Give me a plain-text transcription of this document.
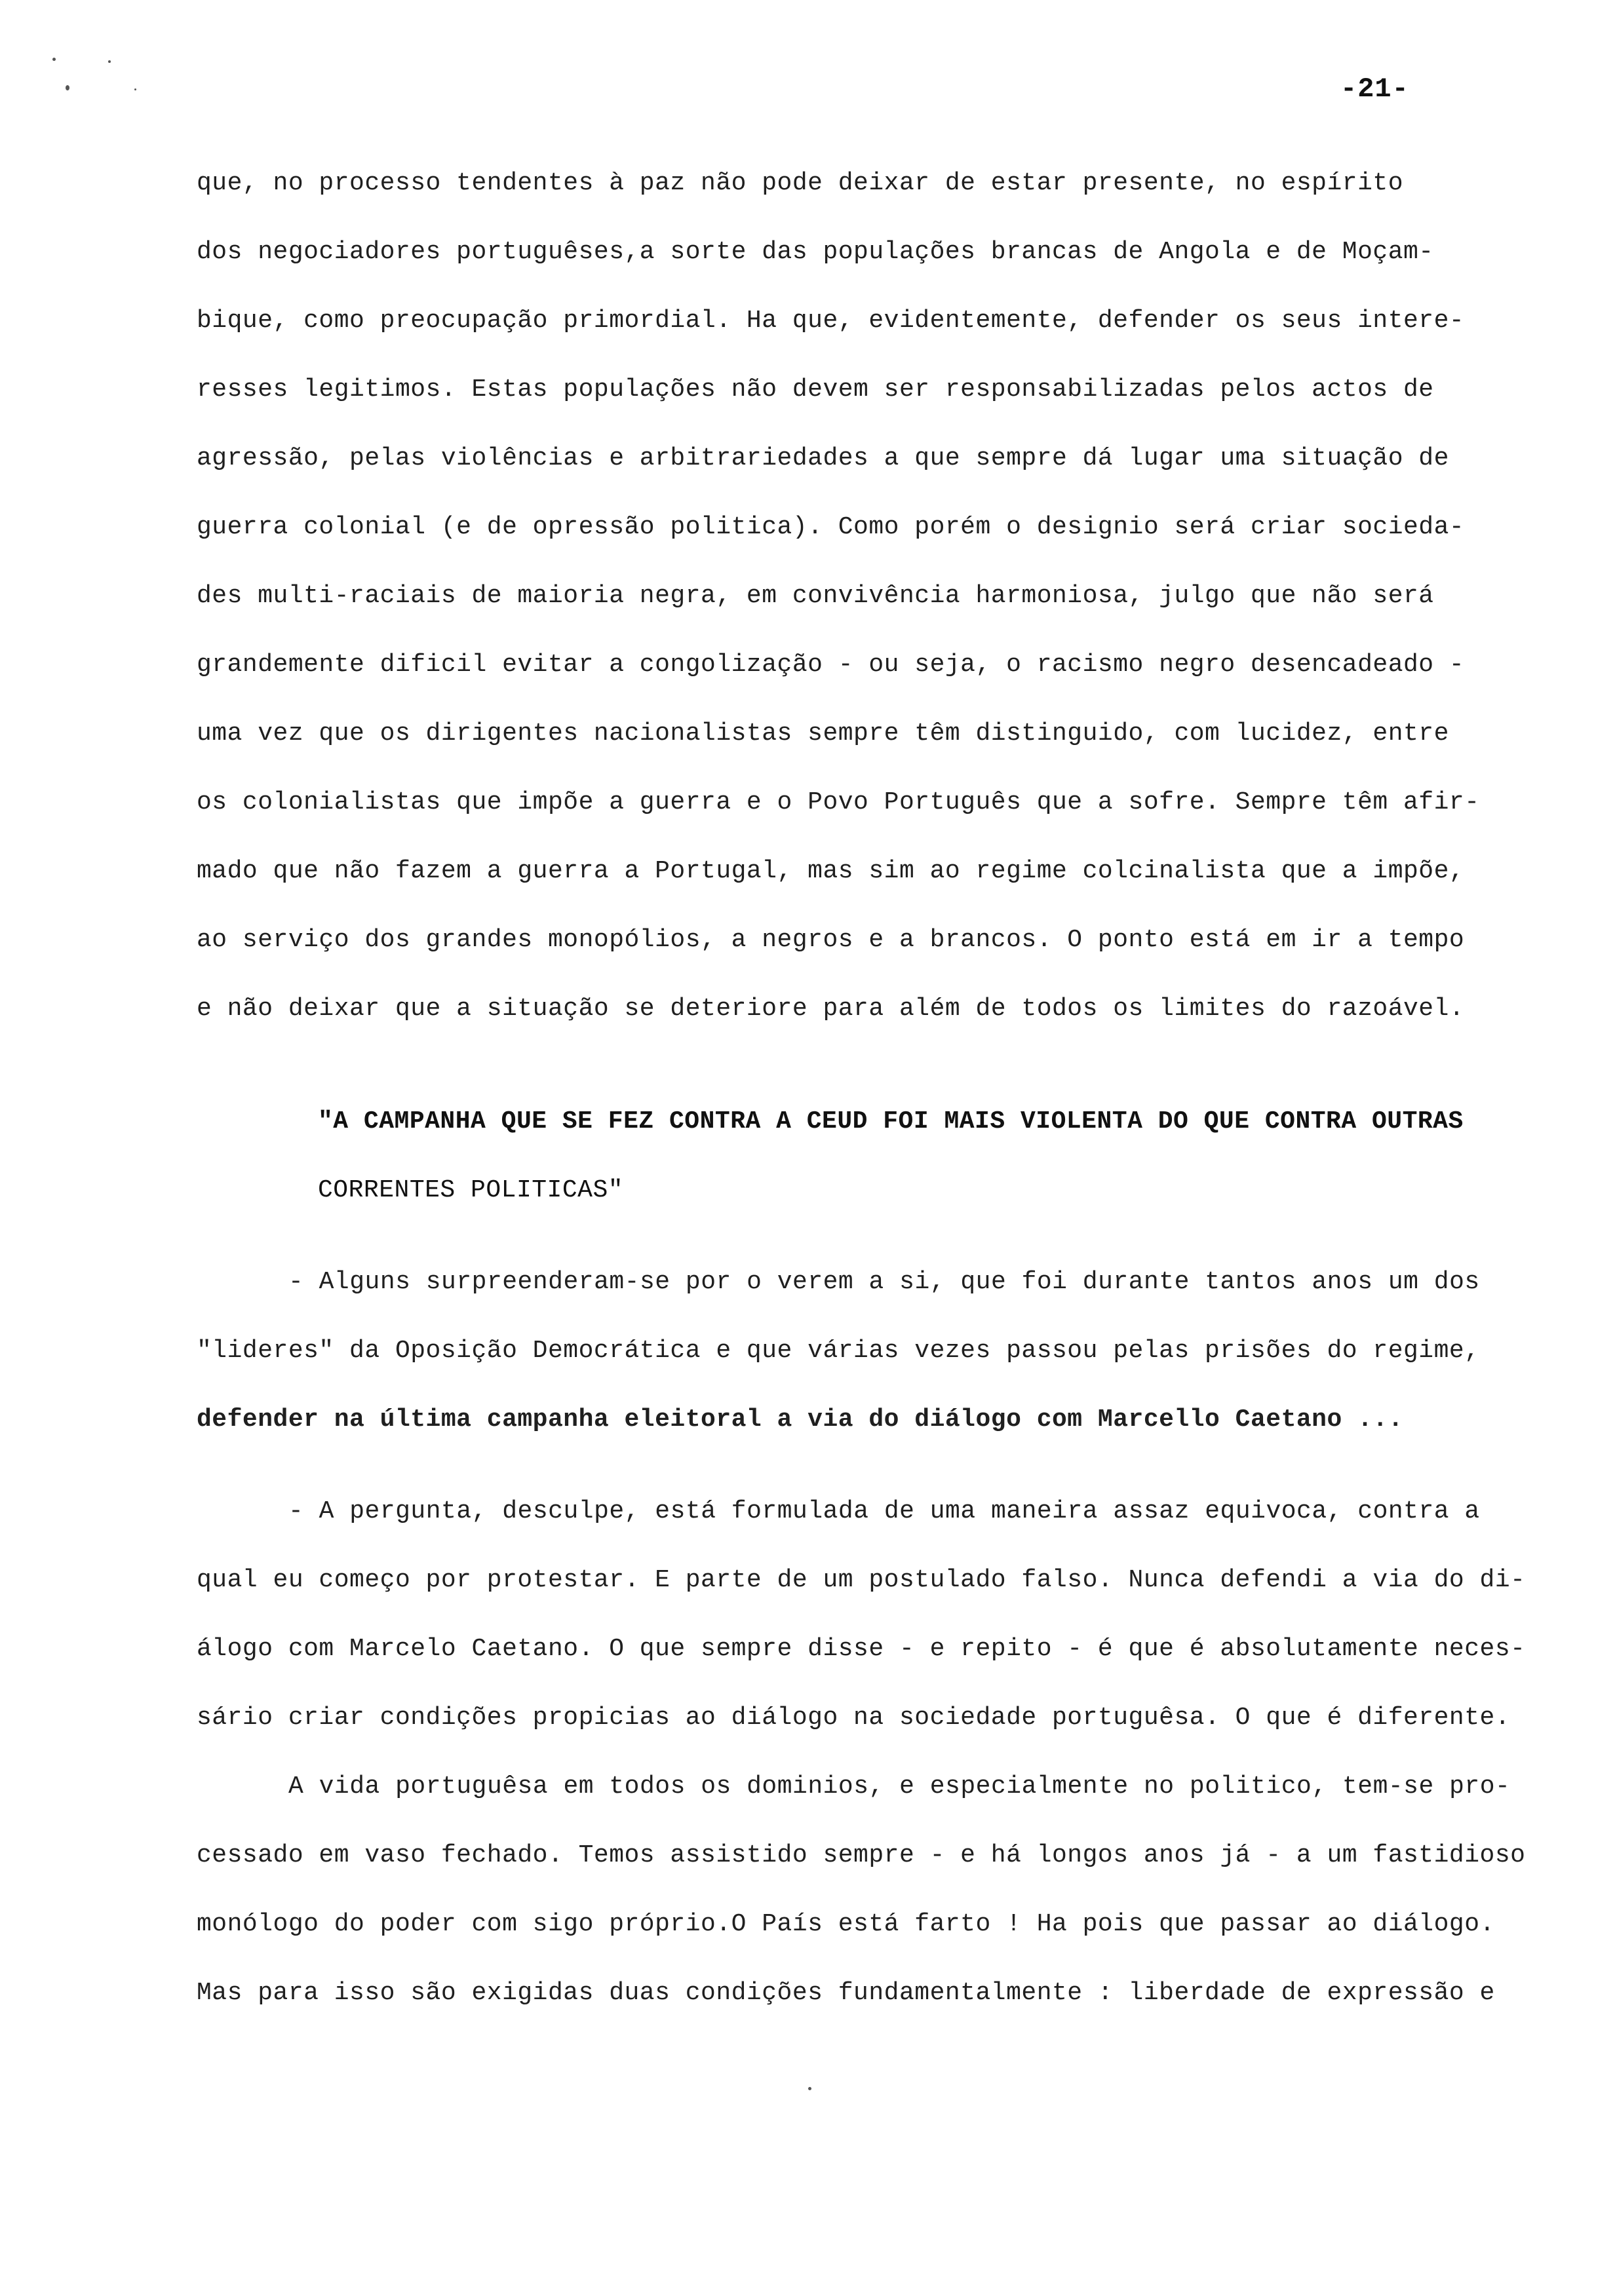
-21-
que, no processo tendentes à paz não pode deixar de estar presente, no espírito
dos negociadores portuguêses,a sorte das populações brancas de Angola e de Moçam-
bique, como preocupação primordial. Ha que, evidentemente, defender os seus intere-
resses legitimos. Estas populações não devem ser responsabilizadas pelos actos de
agressão, pelas violências e arbitrariedades a que sempre dá lugar uma situação de
guerra colonial (e de opressão politica). Como porém o designio será criar socieda-
des multi-raciais de maioria negra, em convivência harmoniosa, julgo que não será
grandemente dificil evitar a congolização - ou seja, o racismo negro desencadeado -
uma vez que os dirigentes nacionalistas sempre têm distinguido, com lucidez, entre
os colonialistas que impõe a guerra e o Povo Português que a sofre. Sempre têm afir-
mado que não fazem a guerra a Portugal, mas sim ao regime colcinalista que a impõe,
ao serviço dos grandes monopólios, a negros e a brancos. O ponto está em ir a tempo
e não deixar que a situação se deteriore para além de todos os limites do razoável.
"A CAMPANHA QUE SE FEZ CONTRA A CEUD FOI MAIS VIOLENTA DO QUE CONTRA OUTRAS
CORRENTES POLITICAS"
- Alguns surpreenderam-se por o verem a si, que foi durante tantos anos um dos
"lideres" da Oposição Democrática e que várias vezes passou pelas prisões do regime,
defender na última campanha eleitoral a via do diálogo com Marcello Caetano ...
- A pergunta, desculpe, está formulada de uma maneira assaz equivoca, contra a
qual eu começo por protestar. E parte de um postulado falso. Nunca defendi a via do di-
álogo com Marcelo Caetano. O que sempre disse - e repito - é que é absolutamente neces-
sário criar condições propicias ao diálogo na sociedade portuguêsa. O que é diferente.
A vida portuguêsa em todos os dominios, e especialmente no politico, tem-se pro-
cessado em vaso fechado. Temos assistido sempre - e há longos anos já - a um fastidioso
monólogo do poder com sigo próprio.O País está farto ! Ha pois que passar ao diálogo.
Mas para isso são exigidas duas condições fundamentalmente : liberdade de expressão e
